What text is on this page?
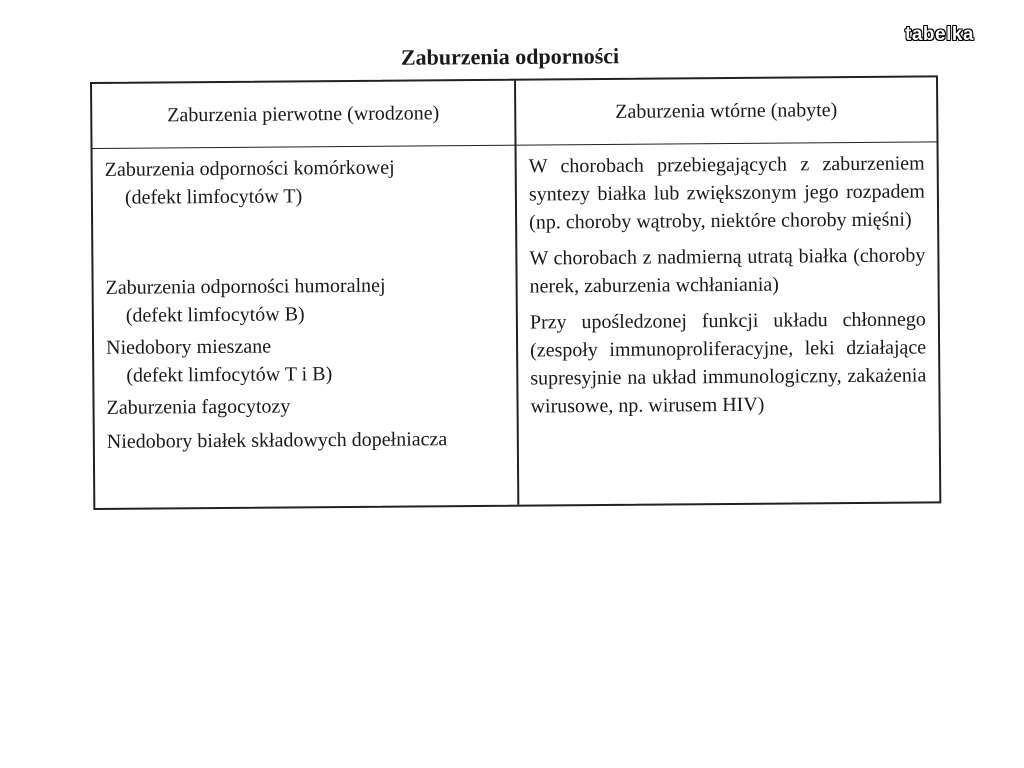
tabelka
Zaburzenia odporności
Zaburzenia pierwotne (wrodzone)	Zaburzenia wtórne (nabyte)

Zaburzenia odporności komórkowej
(defekt limfocytów T)

Zaburzenia odporności humoralnej
(defekt limfocytów B)

Niedobory mieszane
(defekt limfocytów T i B)

Zaburzenia fagocytozy

Niedobory białek składowych dopełniacza

W chorobach przebiegających z zaburzeniem syntezy białka lub zwiększonym jego rozpadem (np. choroby wątroby, niektóre choroby mięśni)

W chorobach z nadmierną utratą białka (choroby nerek, zaburzenia wchłaniania)

Przy upośledzonej funkcji układu chłonnego (zespoły immunoproliferacyjne, leki działające supresyjnie na układ immunologiczny, zakażenia wirusowe, np. wirusem HIV)
